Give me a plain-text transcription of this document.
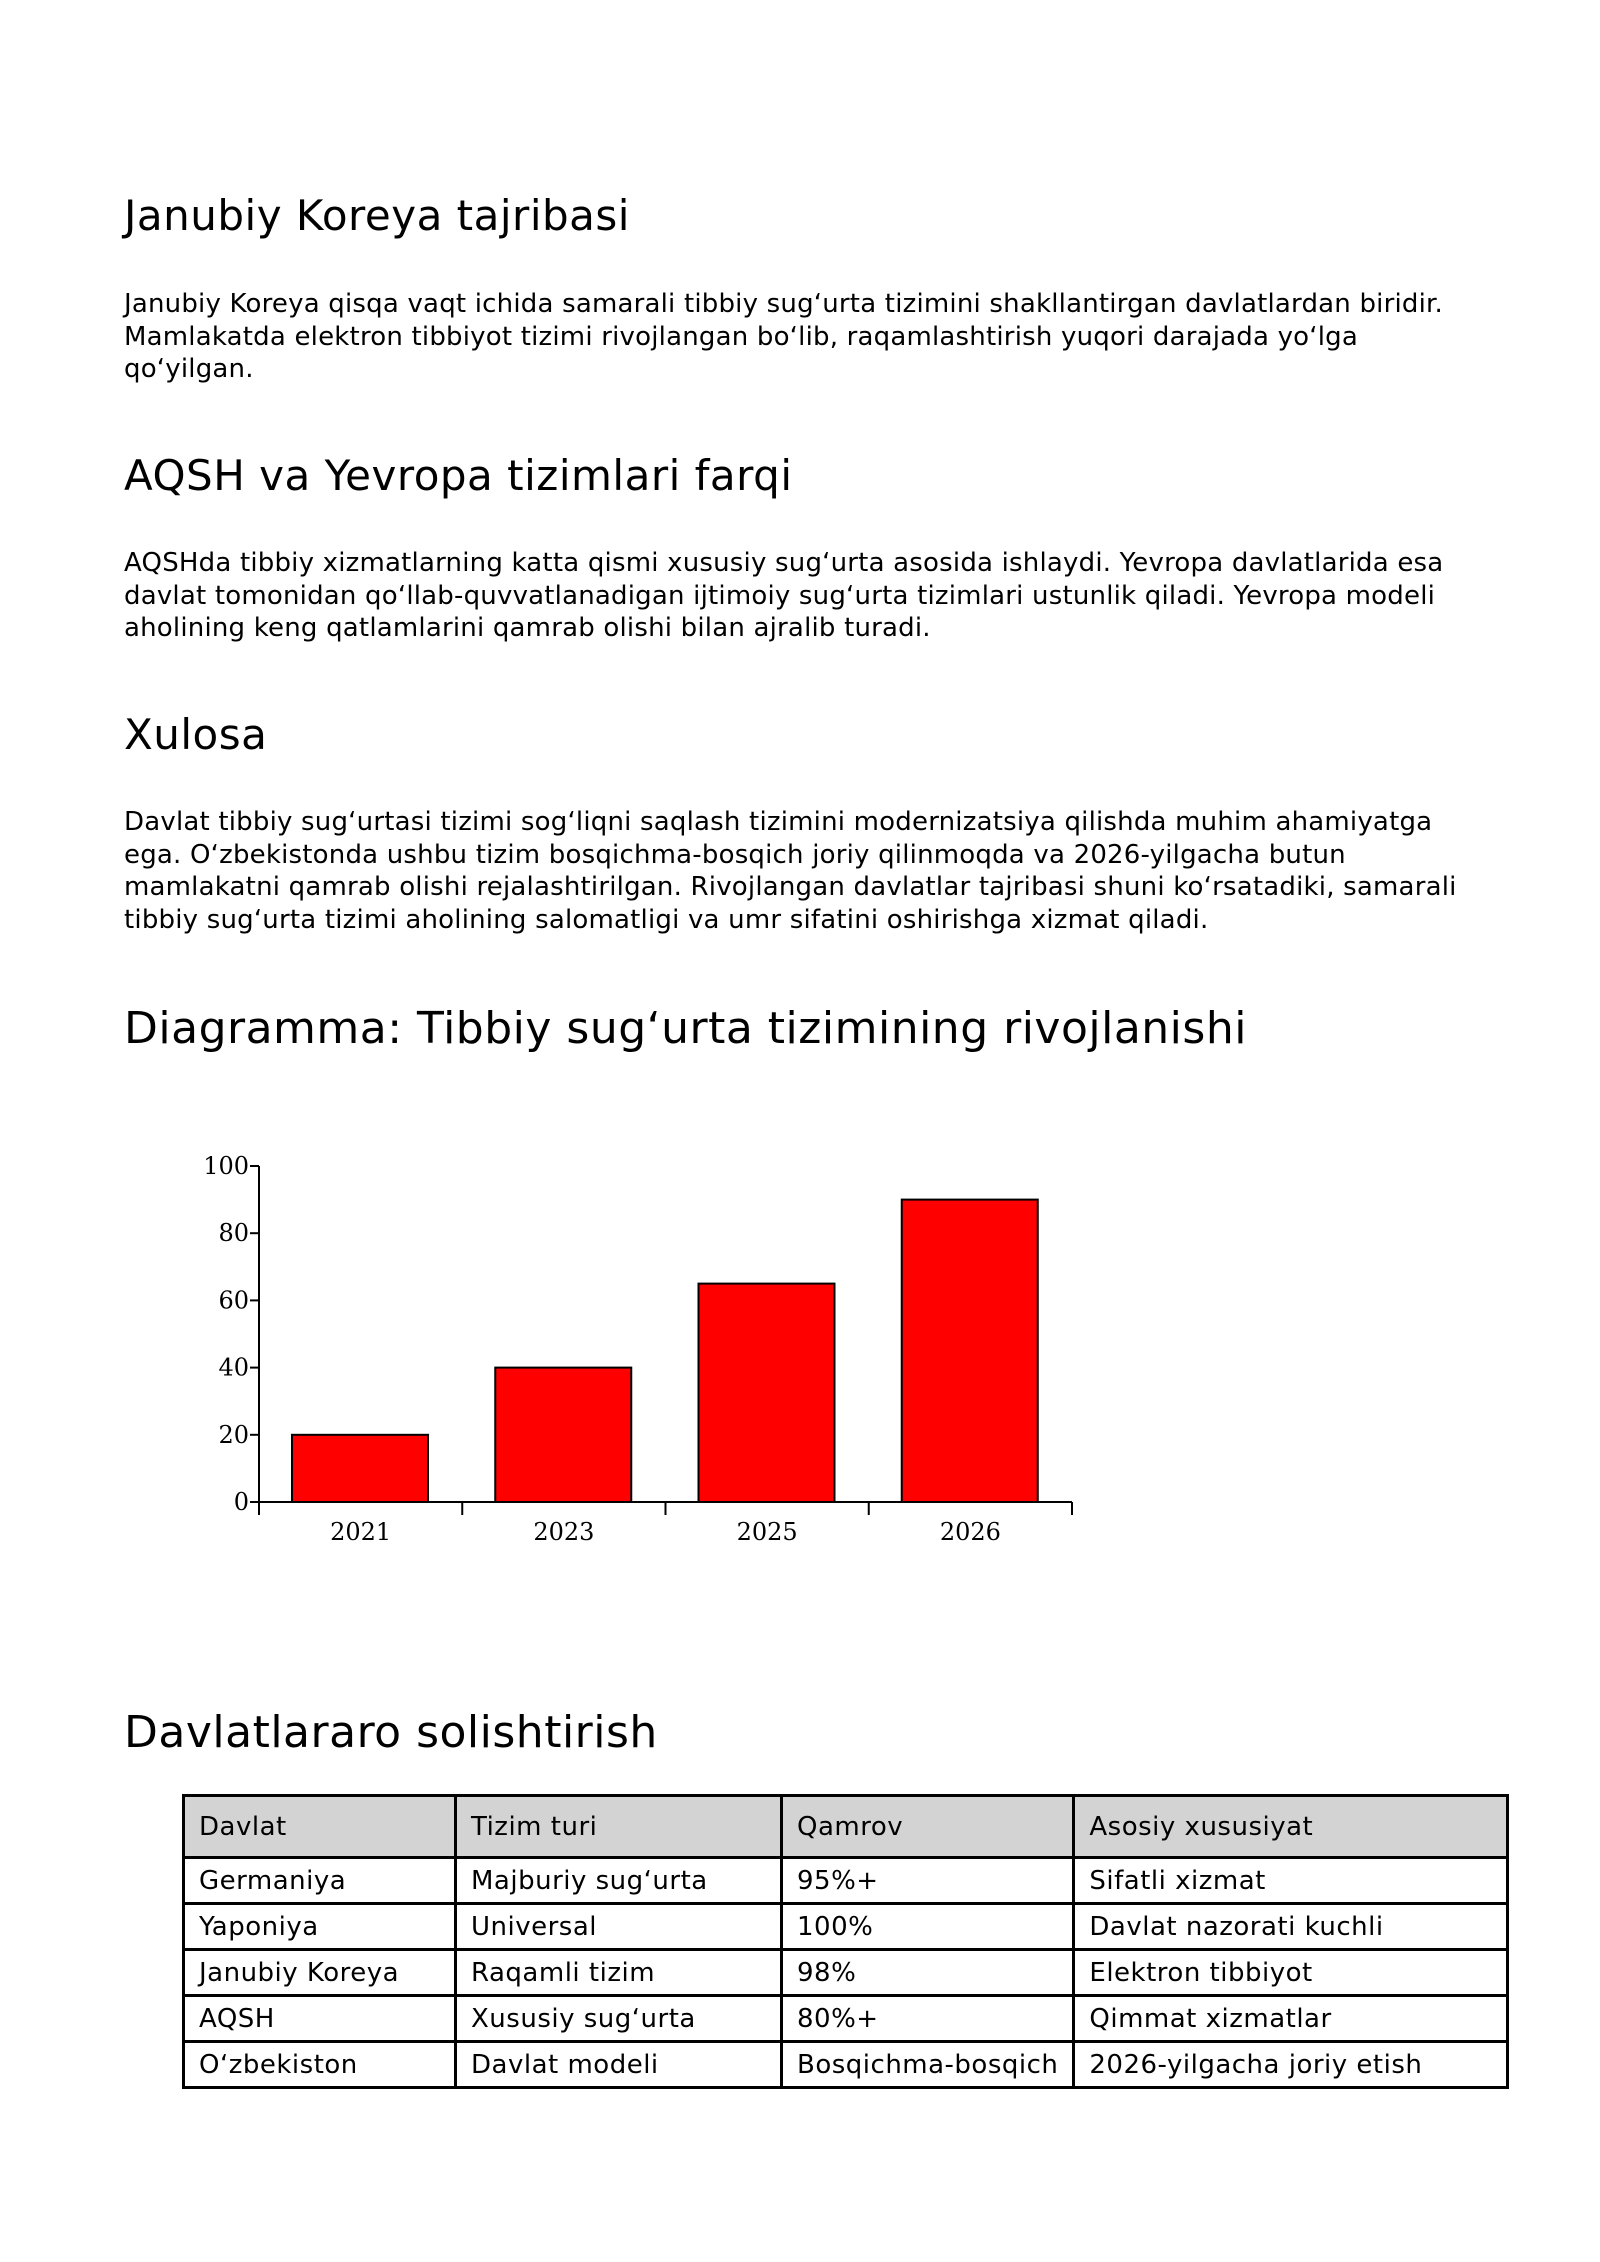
Janubiy Koreya tajribasi

Janubiy Koreya qisqa vaqt ichida samarali tibbiy sug‘urta tizimini shakllantirgan davlatlardan biridir. Mamlakatda elektron tibbiyot tizimi rivojlangan bo‘lib, raqamlashtirish yuqori darajada yo‘lga qo‘yilgan.

AQSH va Yevropa tizimlari farqi

AQSHda tibbiy xizmatlarning katta qismi xususiy sug‘urta asosida ishlaydi. Yevropa davlatlarida esa davlat tomonidan qo‘llab-quvvatlanadigan ijtimoiy sug‘urta tizimlari ustunlik qiladi. Yevropa modeli aholining keng qatlamlarini qamrab olishi bilan ajralib turadi.

Xulosa

Davlat tibbiy sug‘urtasi tizimi sog‘liqni saqlash tizimini modernizatsiya qilishda muhim ahamiyatga ega. O‘zbekistonda ushbu tizim bosqichma-bosqich joriy qilinmoqda va 2026-yilgacha butun mamlakatni qamrab olishi rejalashtirilgan. Rivojlangan davlatlar tajribasi shuni ko‘rsatadiki, samarali tibbiy sug‘urta tizimi aholining salomatligi va umr sifatini oshirishga xizmat qiladi.

Diagramma: Tibbiy sug‘urta tizimining rivojlanishi
0
20
40
60
80
100
2021	2023	2025	2026
Davlatlararo solishtirish
Davlat	Tizim turi	Qamrov	Asosiy xususiyat
Germaniya	Majburiy sug‘urta	95%+	Sifatli xizmat
Yaponiya	Universal	100%	Davlat nazorati kuchli
Janubiy Koreya	Raqamli tizim	98%	Elektron tibbiyot
AQSH	Xususiy sug‘urta	80%+	Qimmat xizmatlar
O‘zbekiston	Davlat modeli	Bosqichma-bosqich	2026-yilgacha joriy etish
